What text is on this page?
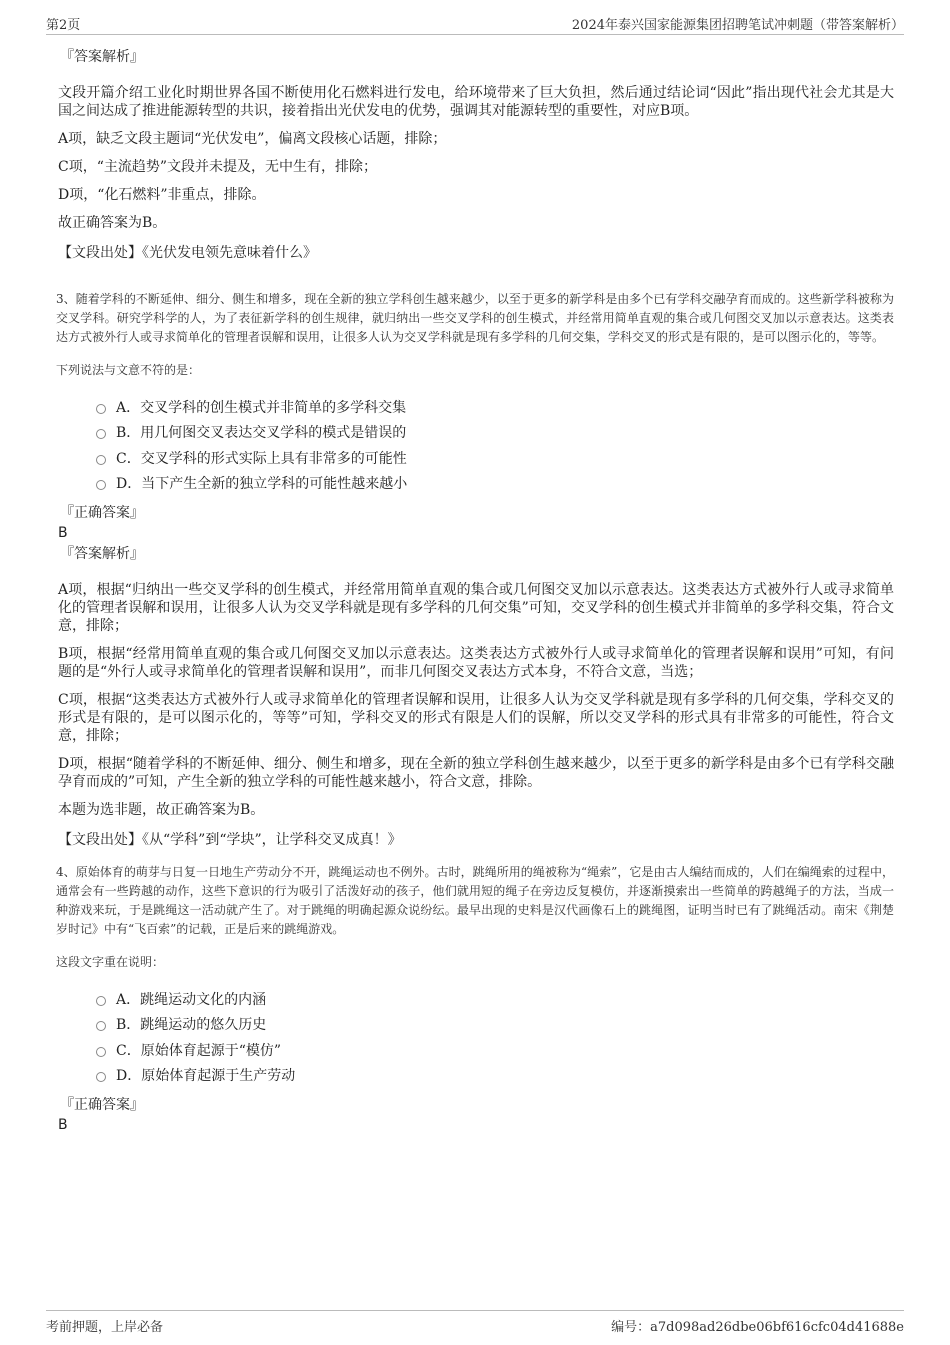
第2页	2024年泰兴国家能源集团招聘笔试冲刺题（带答案解析）
『答案解析』

文段开篇介绍工业化时期世界各国不断使用化石燃料进行发电，给环境带来了巨大负担，然后通过结论词“因此”指出现代社会尤其是大国之间达成了推进能源转型的共识，接着指出光伏发电的优势，强调其对能源转型的重要性，对应B项。

A项，缺乏文段主题词“光伏发电”，偏离文段核心话题，排除；

C项，“主流趋势”文段并未提及，无中生有，排除；

D项，“化石燃料”非重点，排除。

故正确答案为B。

【文段出处】《光伏发电领先意味着什么》

3、随着学科的不断延伸、细分、侧生和增多，现在全新的独立学科创生越来越少，以至于更多的新学科是由多个已有学科交融孕育而成的。这些新学科被称为交叉学科。研究学科学的人，为了表征新学科的创生规律，就归纳出一些交叉学科的创生模式，并经常用简单直观的集合或几何图交叉加以示意表达。这类表达方式被外行人或寻求简单化的管理者误解和误用，让很多人认为交叉学科就是现有多学科的几何交集，学科交叉的形式是有限的，是可以图示化的，等等。

下列说法与文意不符的是：

A．交叉学科的创生模式并非简单的多学科交集
B．用几何图交叉表达交叉学科的模式是错误的
C．交叉学科的形式实际上具有非常多的可能性
D．当下产生全新的独立学科的可能性越来越小
『正确答案』
B
『答案解析』

A项，根据“归纳出一些交叉学科的创生模式，并经常用简单直观的集合或几何图交叉加以示意表达。这类表达方式被外行人或寻求简单化的管理者误解和误用，让很多人认为交叉学科就是现有多学科的几何交集”可知，交叉学科的创生模式并非简单的多学科交集，符合文意，排除；

B项，根据“经常用简单直观的集合或几何图交叉加以示意表达。这类表达方式被外行人或寻求简单化的管理者误解和误用”可知，有问题的是“外行人或寻求简单化的管理者误解和误用”，而非几何图交叉表达方式本身，不符合文意，当选；

C项，根据“这类表达方式被外行人或寻求简单化的管理者误解和误用，让很多人认为交叉学科就是现有多学科的几何交集，学科交叉的形式是有限的，是可以图示化的，等等”可知，学科交叉的形式有限是人们的误解，所以交叉学科的形式具有非常多的可能性，符合文意，排除；

D项，根据“随着学科的不断延伸、细分、侧生和增多，现在全新的独立学科创生越来越少，以至于更多的新学科是由多个已有学科交融孕育而成的”可知，产生全新的独立学科的可能性越来越小，符合文意，排除。

本题为选非题，故正确答案为B。

【文段出处】《从“学科”到“学块”，让学科交叉成真！》

4、原始体育的萌芽与日复一日地生产劳动分不开，跳绳运动也不例外。古时，跳绳所用的绳被称为“绳索”，它是由古人编结而成的，人们在编绳索的过程中，通常会有一些跨越的动作，这些下意识的行为吸引了活泼好动的孩子，他们就用短的绳子在旁边反复模仿，并逐渐摸索出一些简单的跨越绳子的方法，当成一种游戏来玩，于是跳绳这一活动就产生了。对于跳绳的明确起源众说纷纭。最早出现的史料是汉代画像石上的跳绳图，证明当时已有了跳绳活动。南宋《荆楚岁时记》中有“飞百索”的记载，正是后来的跳绳游戏。

这段文字重在说明：

A．跳绳运动文化的内涵
B．跳绳运动的悠久历史
C．原始体育起源于“模仿”
D．原始体育起源于生产劳动
『正确答案』
B
考前押题，上岸必备	编号：a7d098ad26dbe06bf616cfc04d41688e
